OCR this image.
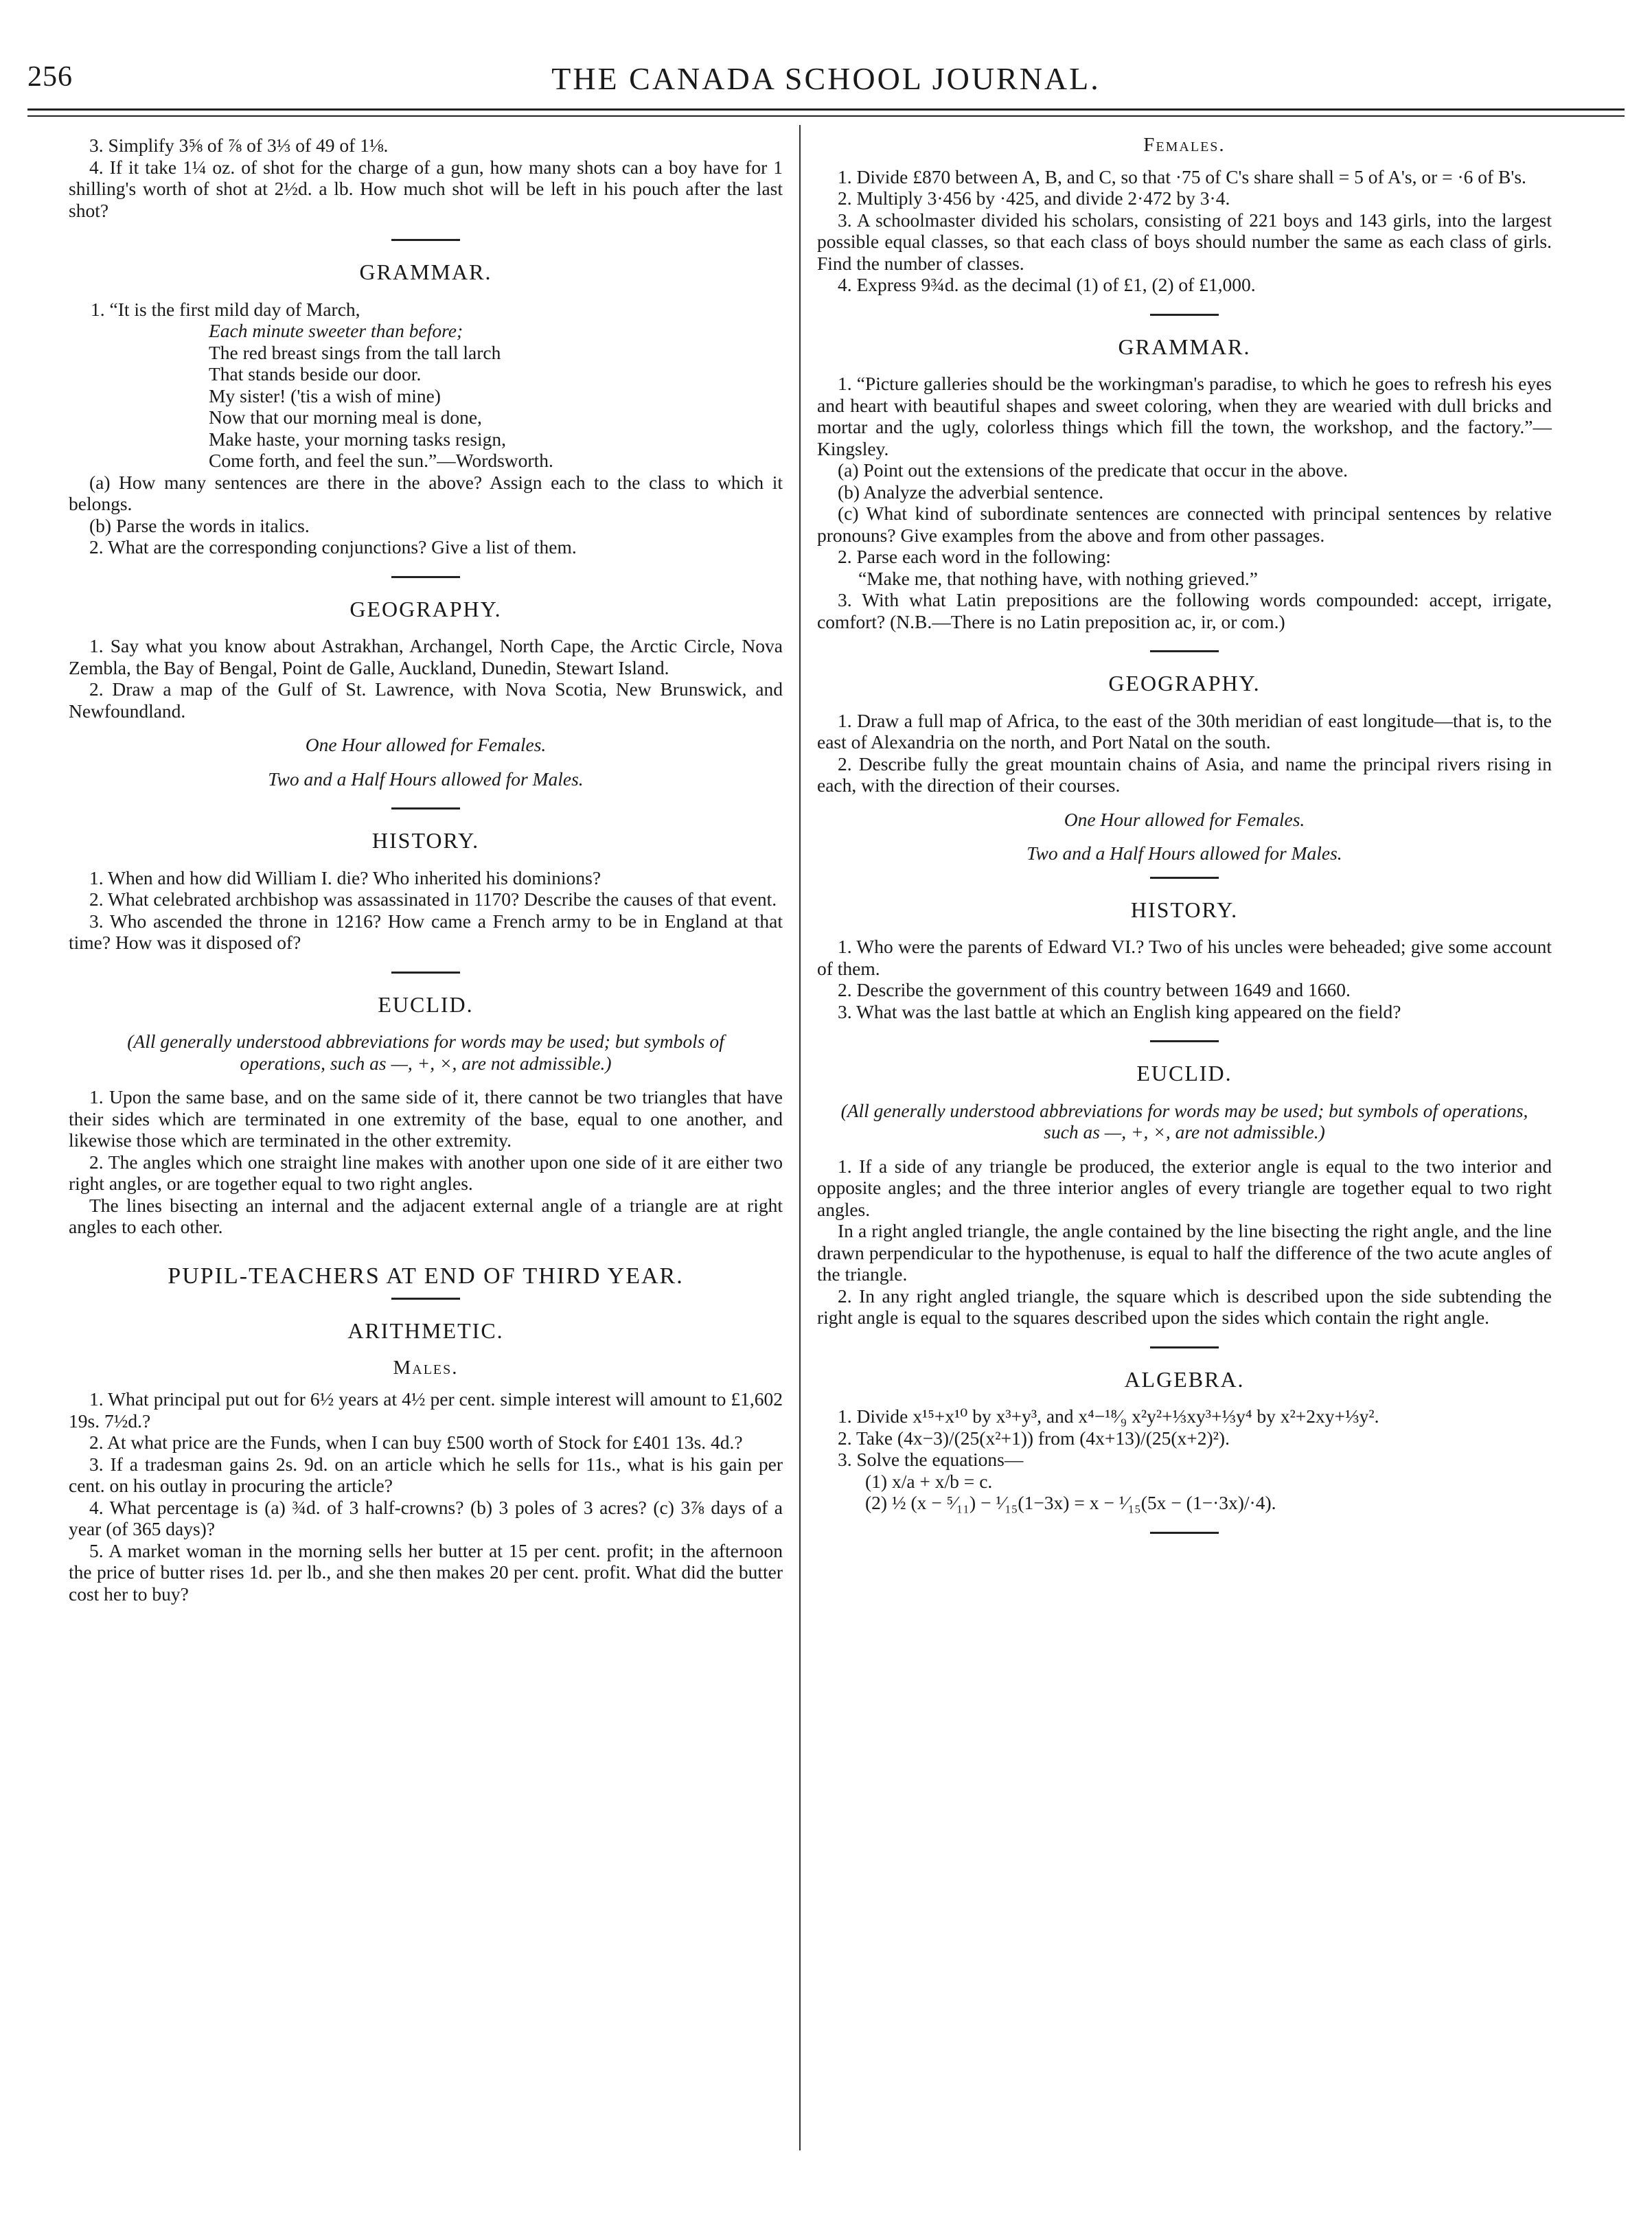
256	THE CANADA SCHOOL JOURNAL.

3. Simplify 3⅝ of ⅞ of 3⅓ of 49 of 1⅛.

4. If it take 1¼ oz. of shot for the charge of a gun, how many shots can a boy have for 1 shilling's worth of shot at 2½d. a lb. How much shot will be left in his pouch after the last shot?

GRAMMAR.

1. “It is the first mild day of March,

Each minute sweeter than before;

The red breast sings from the tall larch

That stands beside our door.

My sister! ('tis a wish of mine)

Now that our morning meal is done,

Make haste, your morning tasks resign,

Come forth, and feel the sun.”—Wordsworth.

(a) How many sentences are there in the above? Assign each to the class to which it belongs.

(b) Parse the words in italics.

2. What are the corresponding conjunctions? Give a list of them.

GEOGRAPHY.

1. Say what you know about Astrakhan, Archangel, North Cape, the Arctic Circle, Nova Zembla, the Bay of Bengal, Point de Galle, Auckland, Dunedin, Stewart Island.

2. Draw a map of the Gulf of St. Lawrence, with Nova Scotia, New Brunswick, and Newfoundland.

One Hour allowed for Females.

Two and a Half Hours allowed for Males.

HISTORY.

1. When and how did William I. die? Who inherited his dominions?

2. What celebrated archbishop was assassinated in 1170? Describe the causes of that event.

3. Who ascended the throne in 1216? How came a French army to be in England at that time? How was it disposed of?

EUCLID.

(All generally understood abbreviations for words may be used; but symbols of operations, such as —, +, ×, are not admissible.)

1. Upon the same base, and on the same side of it, there cannot be two triangles that have their sides which are terminated in one extremity of the base, equal to one another, and likewise those which are terminated in the other extremity.

2. The angles which one straight line makes with another upon one side of it are either two right angles, or are together equal to two right angles.

The lines bisecting an internal and the adjacent external angle of a triangle are at right angles to each other.

PUPIL-TEACHERS AT END OF THIRD YEAR.
ARITHMETIC.
Males.

1. What principal put out for 6½ years at 4½ per cent. simple interest will amount to £1,602 19s. 7½d.?

2. At what price are the Funds, when I can buy £500 worth of Stock for £401 13s. 4d.?

3. If a tradesman gains 2s. 9d. on an article which he sells for 11s., what is his gain per cent. on his outlay in procuring the article?

4. What percentage is (a) ¾d. of 3 half-crowns? (b) 3 poles of 3 acres? (c) 3⅞ days of a year (of 365 days)?

5. A market woman in the morning sells her butter at 15 per cent. profit; in the afternoon the price of butter rises 1d. per lb., and she then makes 20 per cent. profit. What did the butter cost her to buy?

Females.

1. Divide £870 between A, B, and C, so that ·75 of C's share shall = 5 of A's, or = ·6 of B's.

2. Multiply 3·456 by ·425, and divide 2·472 by 3·4.

3. A schoolmaster divided his scholars, consisting of 221 boys and 143 girls, into the largest possible equal classes, so that each class of boys should number the same as each class of girls. Find the number of classes.

4. Express 9¾d. as the decimal (1) of £1, (2) of £1,000.

GRAMMAR.

1. “Picture galleries should be the workingman's paradise, to which he goes to refresh his eyes and heart with beautiful shapes and sweet coloring, when they are wearied with dull bricks and mortar and the ugly, colorless things which fill the town, the workshop, and the factory.”—Kingsley.

(a) Point out the extensions of the predicate that occur in the above.

(b) Analyze the adverbial sentence.

(c) What kind of subordinate sentences are connected with principal sentences by relative pronouns? Give examples from the above and from other passages.

2. Parse each word in the following:

“Make me, that nothing have, with nothing grieved.”

3. With what Latin prepositions are the following words compounded: accept, irrigate, comfort? (N.B.—There is no Latin preposition ac, ir, or com.)

GEOGRAPHY.

1. Draw a full map of Africa, to the east of the 30th meridian of east longitude—that is, to the east of Alexandria on the north, and Port Natal on the south.

2. Describe fully the great mountain chains of Asia, and name the principal rivers rising in each, with the direction of their courses.

One Hour allowed for Females.

Two and a Half Hours allowed for Males.

HISTORY.

1. Who were the parents of Edward VI.? Two of his uncles were beheaded; give some account of them.

2. Describe the government of this country between 1649 and 1660.

3. What was the last battle at which an English king appeared on the field?

EUCLID.

(All generally understood abbreviations for words may be used; but symbols of operations, such as —, +, ×, are not admissible.)

1. If a side of any triangle be produced, the exterior angle is equal to the two interior and opposite angles; and the three interior angles of every triangle are together equal to two right angles.

In a right angled triangle, the angle contained by the line bisecting the right angle, and the line drawn perpendicular to the hypothenuse, is equal to half the difference of the two acute angles of the triangle.

2. In any right angled triangle, the square which is described upon the side subtending the right angle is equal to the squares described upon the sides which contain the right angle.

ALGEBRA.

1. Divide x¹⁵+x¹⁰ by x³+y³, and x⁴−¹⁸⁄₉ x²y²+⅓xy³+⅓y⁴ by x²+2xy+⅓y².

2. Take (4x−3)/(25(x²+1)) from (4x+13)/(25(x+2)²).

3. Solve the equations—

(1) x/a + x/b = c.

(2) ½ (x − ⁵⁄₁₁) − ¹⁄₁₅(1−3x) = x − ¹⁄₁₅(5x − (1−·3x)/·4).
